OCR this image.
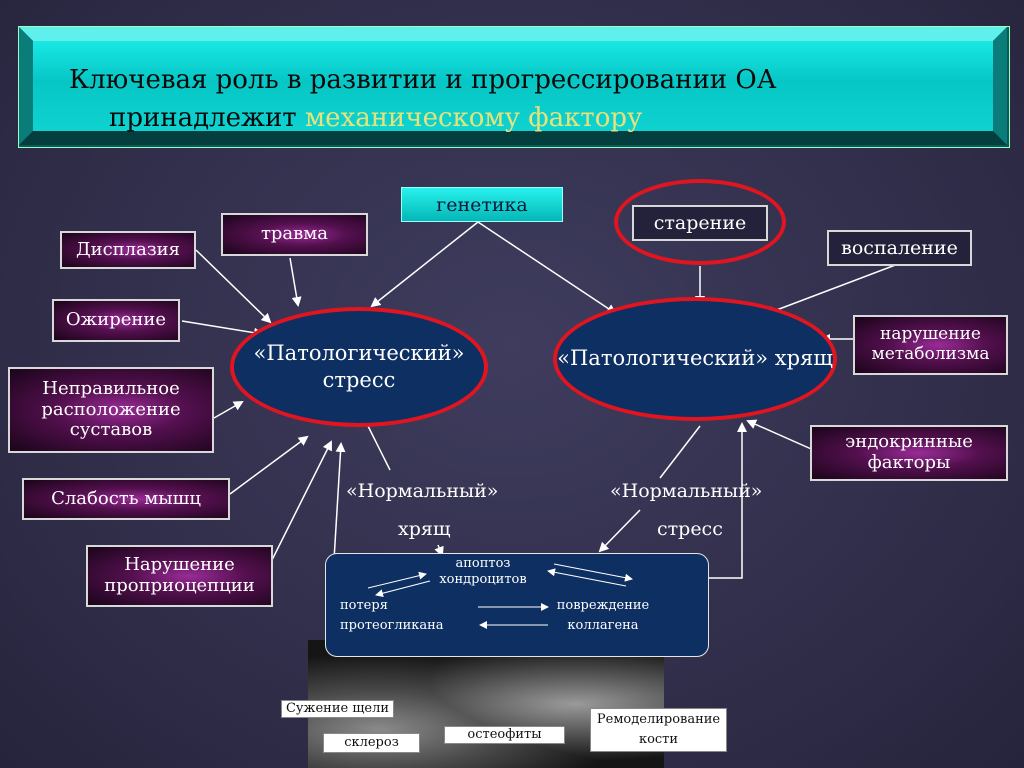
Ключевая роль в развитии и прогрессировании ОА
принадлежит механическому фактору
Дисплазия
травма
Ожирение
Неправильное расположение суставов
Слабость мышц
Нарушение проприоцепции
генетика
старение
воспаление
нарушение метаболизма
эндокринные факторы
«Патологический» стресс
«Патологический» хрящ
«Нормальный»
хрящ
«Нормальный»
стресс
апоптоз хондроцитов
потеря протеогликана
повреждение коллагена
Сужение щели
склероз
остеофиты
Ремоделирование кости
